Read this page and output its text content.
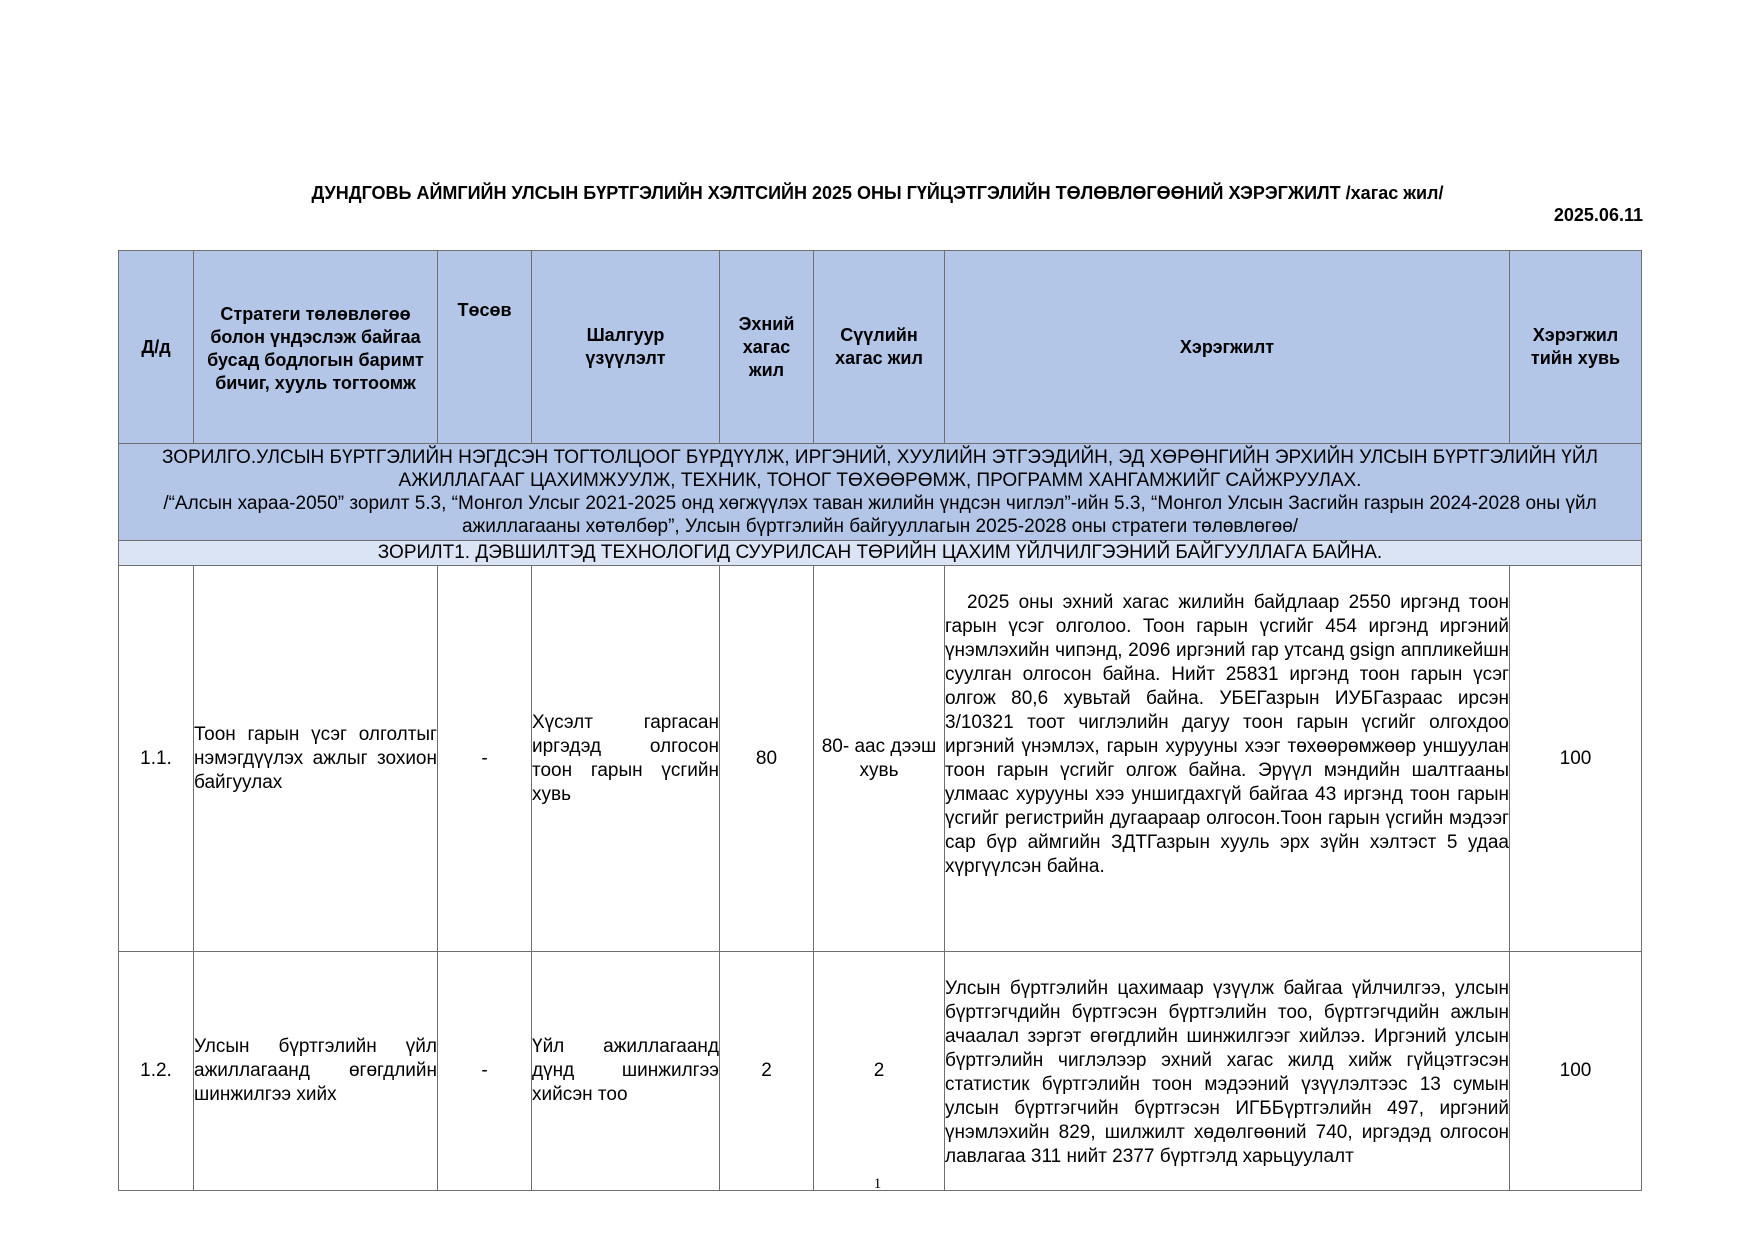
ДУНДГОВЬ АЙМГИЙН УЛСЫН БҮРТГЭЛИЙН ХЭЛТСИЙН 2025 ОНЫ ГҮЙЦЭТГЭЛИЙН ТӨЛӨВЛӨГӨӨНИЙ ХЭРЭГЖИЛТ /хагас жил/
2025.06.11
Д/д	Стратеги төлөвлөгөө болон үндэслэж байгаа бусад бодлогын баримт бичиг, хууль тогтоомж	Төсөв	Шалгуур үзүүлэлт	Эхний хагас жил	Сүүлийн хагас жил	Хэрэгжилт	Хэрэгжил тийн хувь

ЗОРИЛГО.УЛСЫН БҮРТГЭЛИЙН НЭГДСЭН ТОГТОЛЦООГ БҮРДҮҮЛЖ, ИРГЭНИЙ, ХУУЛИЙН ЭТГЭЭДИЙН, ЭД ХӨРӨНГИЙН ЭРХИЙН УЛСЫН БҮРТГЭЛИЙН ҮЙЛ АЖИЛЛАГААГ ЦАХИМЖУУЛЖ, ТЕХНИК, ТОНОГ ТӨХӨӨРӨМЖ, ПРОГРАММ ХАНГАМЖИЙГ САЙЖРУУЛАХ.
/“Алсын хараа-2050” зорилт 5.3, “Монгол Улсыг 2021-2025 онд хөгжүүлэх таван жилийн үндсэн чиглэл”-ийн 5.3, “Монгол Улсын Засгийн газрын 2024-2028 оны үйл ажиллагааны хөтөлбөр”, Улсын бүртгэлийн байгууллагын 2025-2028 оны стратеги төлөвлөгөө/							

ЗОРИЛТ1. ДЭВШИЛТЭД ТЕХНОЛОГИД СУУРИЛСАН ТӨРИЙН ЦАХИМ ҮЙЛЧИЛГЭЭНИЙ БАЙГУУЛЛАГА БАЙНА.							
1.1.	Тоон гарын үсэг олголтыг нэмэгдүүлэх ажлыг зохион байгуулах	-	Хүсэлт гаргасан иргэдэд олгосон тоон гарын үсгийн хувь	80	80- аас дээш хувь	2025 оны эхний хагас жилийн байдлаар 2550 иргэнд тоон гарын үсэг олголоо. Тоон гарын үсгийг 454 иргэнд иргэний үнэмлэхийн чипэнд, 2096 иргэний гар утсанд gsign аппликейшн суулган олгосон байна. Нийт 25831 иргэнд тоон гарын үсэг олгож 80,6 хувьтай байна. УБЕГазрын ИУБГазраас ирсэн 3/10321 тоот чиглэлийн дагуу тоон гарын үсгийг олгохдоо иргэний үнэмлэх, гарын хурууны хээг төхөөрөмжөөр уншуулан тоон гарын үсгийг олгож байна. Эрүүл мэндийн шалтгааны улмаас хурууны хээ уншигдахгүй байгаа 43 иргэнд тоон гарын үсгийг регистрийн дугаараар олгосон.Тоон гарын үсгийн мэдээг сар бүр аймгийн ЗДТГазрын хууль эрх зүйн хэлтэст 5 удаа хүргүүлсэн байна.	100
1.2.	Улсын бүртгэлийн үйл ажиллагаанд өгөгдлийн шинжилгээ хийх	-	Үйл ажиллагаанд дүнд шинжилгээ хийсэн тоо	2	2	Улсын бүртгэлийн цахимаар үзүүлж байгаа үйлчилгээ, улсын бүртгэгчдийн бүртгэсэн бүртгэлийн тоо, бүртгэгчдийн ажлын ачаалал зэргэт өгөгдлийн шинжилгээг хийлээ. Иргэний улсын бүртгэлийн чиглэлээр эхний хагас жилд хийж гүйцэтгэсэн статистик бүртгэлийн тоон мэдээний үзүүлэлтээс 13 сумын улсын бүртгэгчийн бүртгэсэн ИГББүртгэлийн 497, иргэний үнэмлэхийн 829, шилжилт хөдөлгөөний 740, иргэдэд олгосон лавлагаа 311 нийт 2377 бүртгэлд харьцуулалт	100
1
